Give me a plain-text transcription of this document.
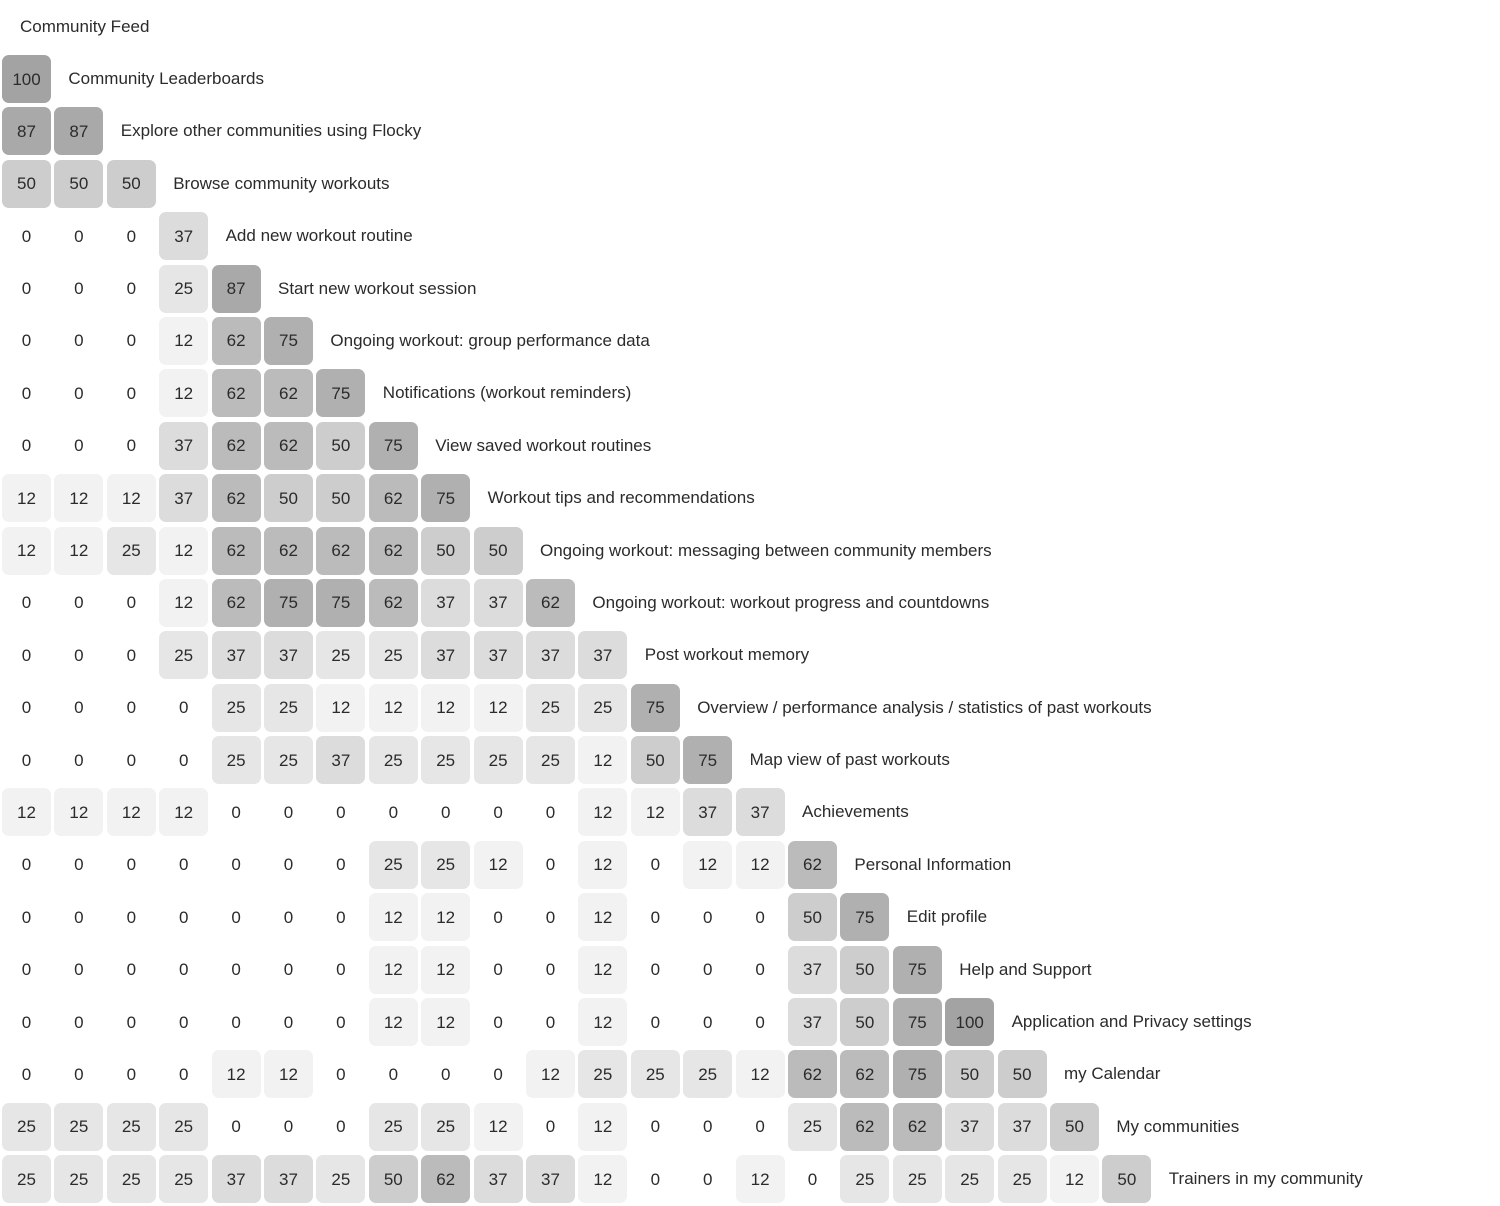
Community Feed
100	Community Leaderboards
87	87	Explore other communities using Flocky
50	50	50	Browse community workouts
0	0	0	37	Add new workout routine
0	0	0	25	87	Start new workout session
0	0	0	12	62	75	Ongoing workout: group performance data
0	0	0	12	62	62	75	Notifications (workout reminders)
0	0	0	37	62	62	50	75	View saved workout routines
12	12	12	37	62	50	50	62	75	Workout tips and recommendations
12	12	25	12	62	62	62	62	50	50	Ongoing workout: messaging between community members
0	0	0	12	62	75	75	62	37	37	62	Ongoing workout: workout progress and countdowns
0	0	0	25	37	37	25	25	37	37	37	37	Post workout memory
0	0	0	0	25	25	12	12	12	12	25	25	75	Overview / performance analysis / statistics of past workouts
0	0	0	0	25	25	37	25	25	25	25	12	50	75	Map view of past workouts
12	12	12	12	0	0	0	0	0	0	0	12	12	37	37	Achievements
0	0	0	0	0	0	0	25	25	12	0	12	0	12	12	62	Personal Information
0	0	0	0	0	0	0	12	12	0	0	12	0	0	0	50	75	Edit profile
0	0	0	0	0	0	0	12	12	0	0	12	0	0	0	37	50	75	Help and Support
0	0	0	0	0	0	0	12	12	0	0	12	0	0	0	37	50	75	100	Application and Privacy settings
0	0	0	0	12	12	0	0	0	0	12	25	25	25	12	62	62	75	50	50	my Calendar
25	25	25	25	0	0	0	25	25	12	0	12	0	0	0	25	62	62	37	37	50	My communities
25	25	25	25	37	37	25	50	62	37	37	12	0	0	12	0	25	25	25	25	12	50	Trainers in my community
